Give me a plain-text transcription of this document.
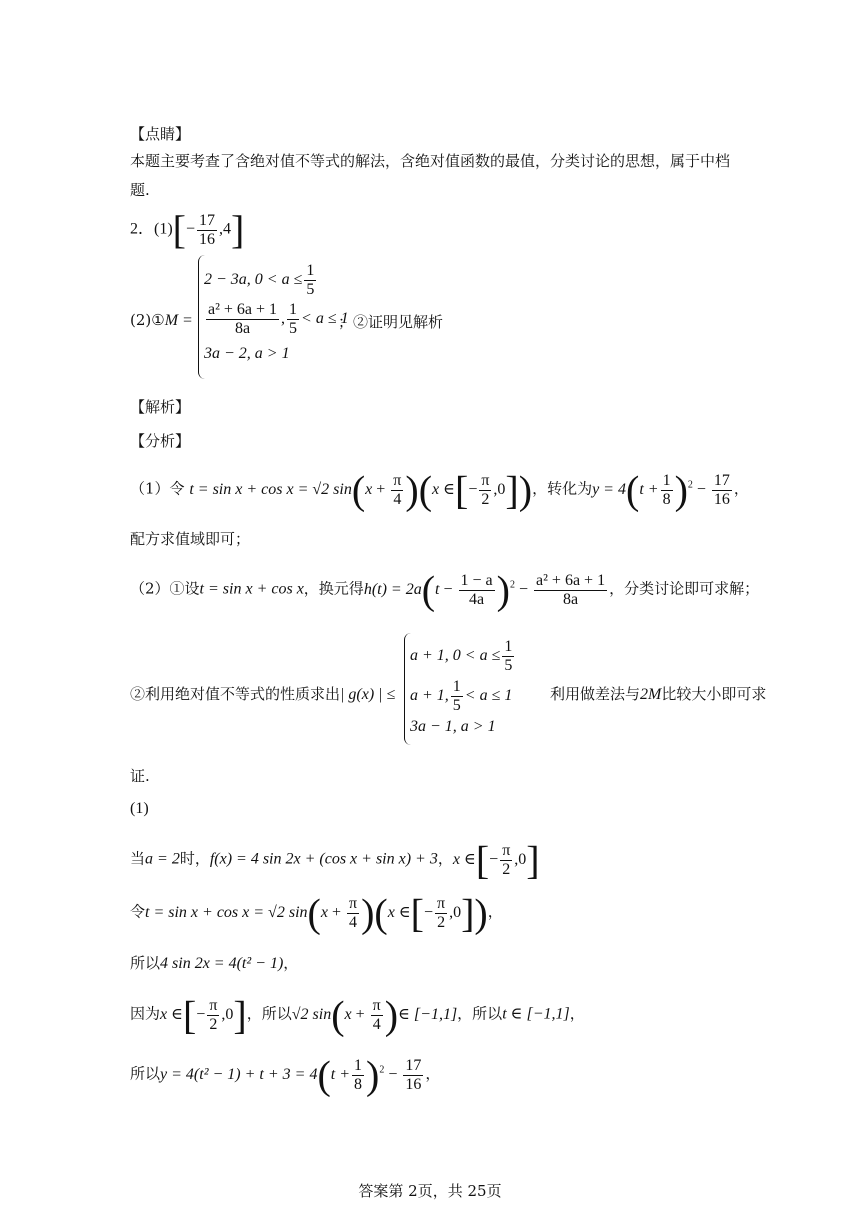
【点睛】
本题主要考查了含绝对值不等式的解法，含绝对值函数的最值，分类讨论的思想，属于中档
题.
2．$(1)[- \frac{17}{16} ,4]$
(2)①M =
2 − 3a, $0 < a \le \frac{1}{5}$
$\frac{\text{a² + 6a + 1}}{8a}$ , $\frac{1}{5} < a \le 1$
3a − 2, a > 1
；②证明见解析
【解析】
【分析】
（1）令 t = sin x + cos x = √2 $\sin(x + \frac{\pi}{4} )(x$ ∈[− $\frac{\pi}{2} ,0$])，转化为$y = 4(t + \frac{1}{8} )^2 - \frac{17}{16}$ ，
配方求值域即可；
（2）①设t = sin x + cos x，换元得$h(t) = 2a(t - \frac{1 - a}{4a} )^2 - \frac{\text{a² + 6a + 1}}{8a}$ ，分类讨论即可求解；
②利用绝对值不等式的性质求出| g(x) | ≤
a + 1, $0 < a \le \frac{1}{5}$
a + 1, $\frac{1}{5} < a \le 1$
3a − 1, a > 1
利用做差法与2M比较大小即可求
证.
(1)
当a = 2时，f(x) = 4 sin 2x + (cos x + sin x) + 3，x ∈[− $\frac{\pi}{2} ,0$]
令t = sin x + cos x = √2 $\sin(x + \frac{\pi}{4} )(x$ ∈[− $\frac{\pi}{2} ,0$])，
所以4 sin 2x = 4(t² − 1)，
因为x ∈[− $\frac{\pi}{2} ,0$]，所以√2 $\sin(x + \frac{\pi}{4}$ )∈ [−1,1]，所以t ∈ [−1,1]，
所以$y = 4(t^2 - 1) + t + 3 = 4(t + \frac{1}{8} )^2 - \frac{17}{16}$ ，
答案第 2页，共 25页
